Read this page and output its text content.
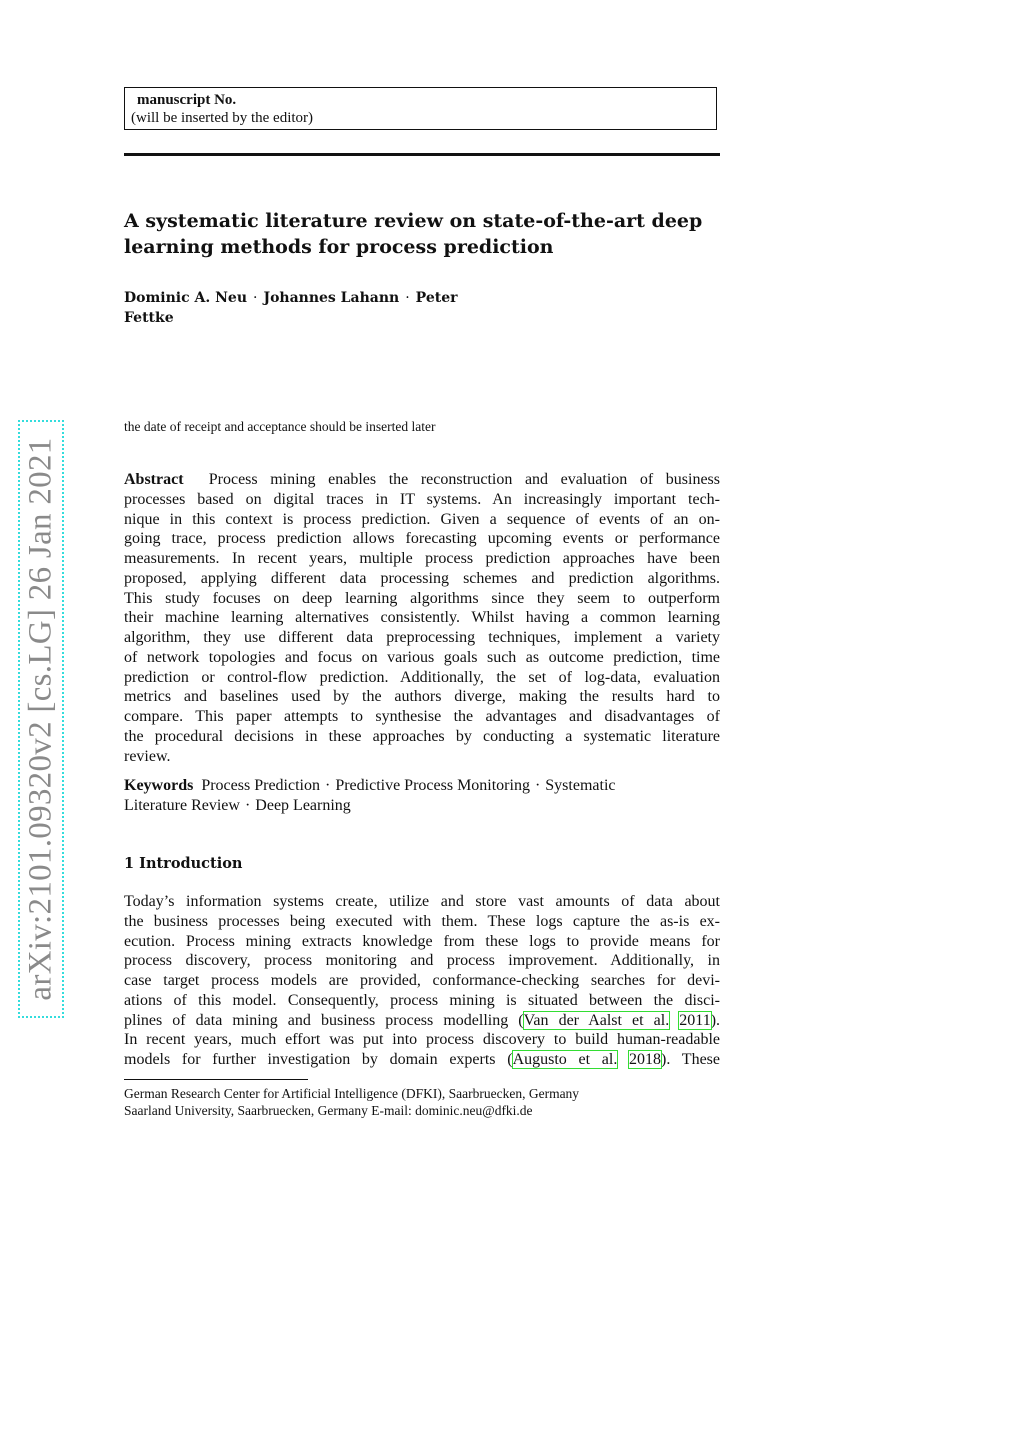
manuscript No.
(will be inserted by the editor)
A systematic literature review on state-of-the-art deep
learning methods for process prediction
Dominic A. Neu · Johannes Lahann · Peter
Fettke
the date of receipt and acceptance should be inserted later
Abstract Process mining enables the reconstruction and evaluation of business
processes based on digital traces in IT systems. An increasingly important tech-
nique in this context is process prediction. Given a sequence of events of an on-
going trace, process prediction allows forecasting upcoming events or performance
measurements. In recent years, multiple process prediction approaches have been
proposed, applying different data processing schemes and prediction algorithms.
This study focuses on deep learning algorithms since they seem to outperform
their machine learning alternatives consistently. Whilst having a common learning
algorithm, they use different data preprocessing techniques, implement a variety
of network topologies and focus on various goals such as outcome prediction, time
prediction or control-flow prediction. Additionally, the set of log-data, evaluation
metrics and baselines used by the authors diverge, making the results hard to
compare. This paper attempts to synthesise the advantages and disadvantages of
the procedural decisions in these approaches by conducting a systematic literature
review.
Keywords Process Prediction · Predictive Process Monitoring · Systematic
Literature Review · Deep Learning
1 Introduction
Today’s information systems create, utilize and store vast amounts of data about
the business processes being executed with them. These logs capture the as-is ex-
ecution. Process mining extracts knowledge from these logs to provide means for
process discovery, process monitoring and process improvement. Additionally, in
case target process models are provided, conformance-checking searches for devi-
ations of this model. Consequently, process mining is situated between the disci-
plines of data mining and business process modelling (Van der Aalst et al. 2011).
In recent years, much effort was put into process discovery to build human-readable
models for further investigation by domain experts (Augusto et al. 2018). These
German Research Center for Artificial Intelligence (DFKI), Saarbruecken, Germany
Saarland University, Saarbruecken, Germany E-mail: dominic.neu@dfki.de
arXiv:2101.09320v2 [cs.LG] 26 Jan 2021
